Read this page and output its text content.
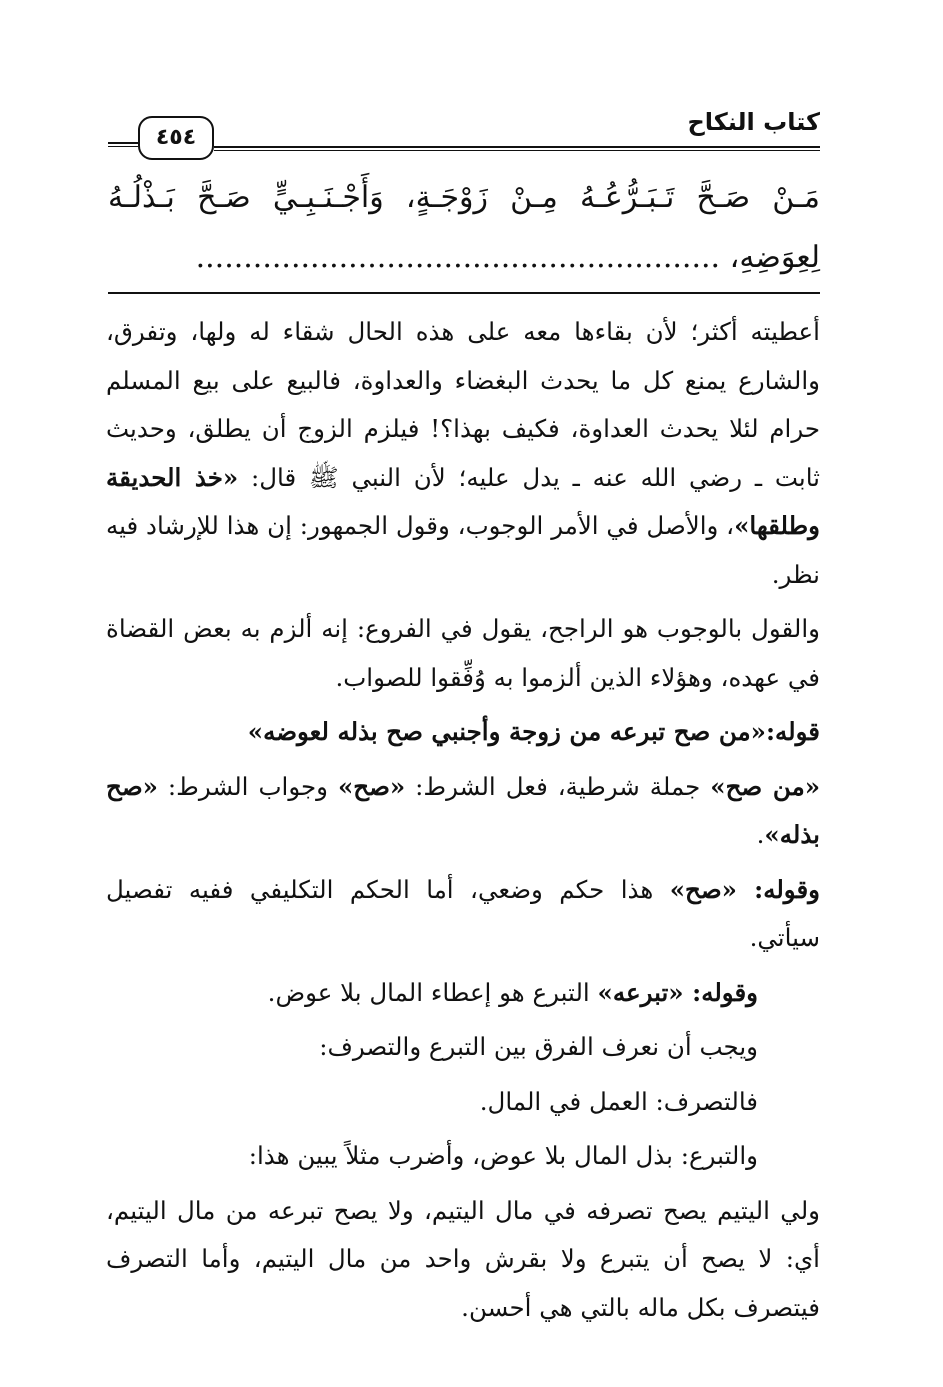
٤٥٤
كتاب النكاح
مَـنْ صَـحَّ تَـبَـرُّعُـهُ مِـنْ زَوْجَـةٍ، وَأَجْـنَـبِـيٍّ صَـحَّ بَـذْلُـهُ
لِعِوَضِهِ، .......................................................

أعطيته أكثر؛ لأن بقاءها معه على هذه الحال شقاء له ولها، وتفرق، والشارع يمنع كل ما يحدث البغضاء والعداوة، فالبيع على بيع المسلم حرام لئلا يحدث العداوة، فكيف بهذا؟! فيلزم الزوج أن يطلق، وحديث ثابت ـ رضي الله عنه ـ يدل عليه؛ لأن النبي ﷺ قال: «خذ الحديقة وطلقها»، والأصل في الأمر الوجوب، وقول الجمهور: إن هذا للإرشاد فيه نظر.

والقول بالوجوب هو الراجح، يقول في الفروع: إنه ألزم به بعض القضاة في عهده، وهؤلاء الذين ألزموا به وُفِّقوا للصواب.

قوله:«من صح تبرعه من زوجة وأجنبي صح بذله لعوضه»

«من صح» جملة شرطية، فعل الشرط: «صح» وجواب الشرط: «صح بذله».

وقوله: «صح» هذا حكم وضعي، أما الحكم التكليفي ففيه تفصيل سيأتي.

وقوله: «تبرعه» التبرع هو إعطاء المال بلا عوض.

ويجب أن نعرف الفرق بين التبرع والتصرف:

فالتصرف: العمل في المال.

والتبرع: بذل المال بلا عوض، وأضرب مثلاً يبين هذا:

ولي اليتيم يصح تصرفه في مال اليتيم، ولا يصح تبرعه من مال اليتيم، أي: لا يصح أن يتبرع ولا بقرش واحد من مال اليتيم، وأما التصرف فيتصرف بكل ماله بالتي هي أحسن.
